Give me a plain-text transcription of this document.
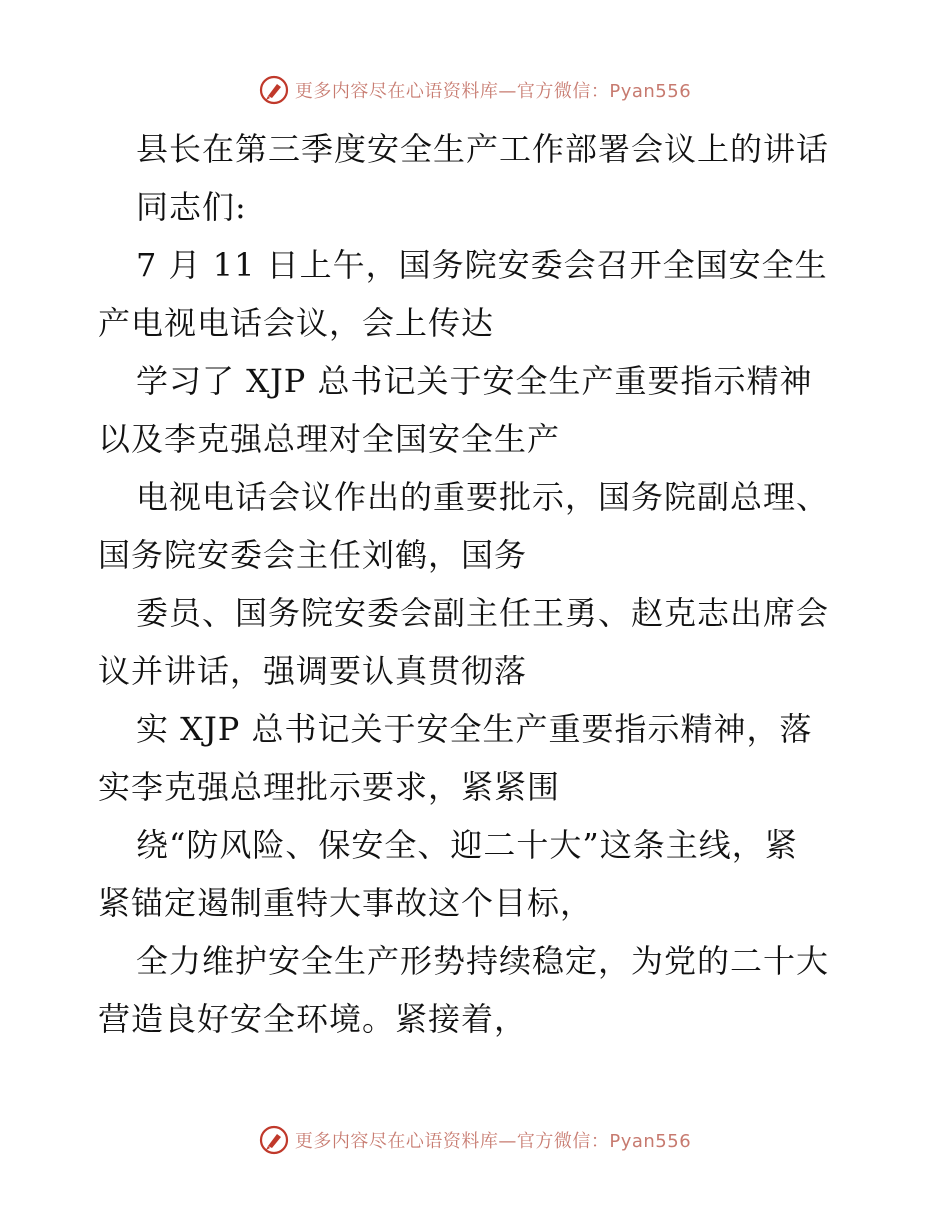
更多内容尽在心语资料库—官方微信：Pyan556
县长在第三季度安全生产工作部署会议上的讲话
同志们:
7 月 11 日上午，国务院安委会召开全国安全生
产电视电话会议，会上传达
学习了 XJP 总书记关于安全生产重要指示精神
以及李克强总理对全国安全生产
电视电话会议作出的重要批示，国务院副总理、
国务院安委会主任刘鹤，国务
委员、国务院安委会副主任王勇、赵克志出席会
议并讲话，强调要认真贯彻落
实 XJP 总书记关于安全生产重要指示精神，落
实李克强总理批示要求，紧紧围
绕“防风险、保安全、迎二十大”这条主线，紧
紧锚定遏制重特大事故这个目标，
全力维护安全生产形势持续稳定，为党的二十大
营造良好安全环境。紧接着，
更多内容尽在心语资料库—官方微信：Pyan556
